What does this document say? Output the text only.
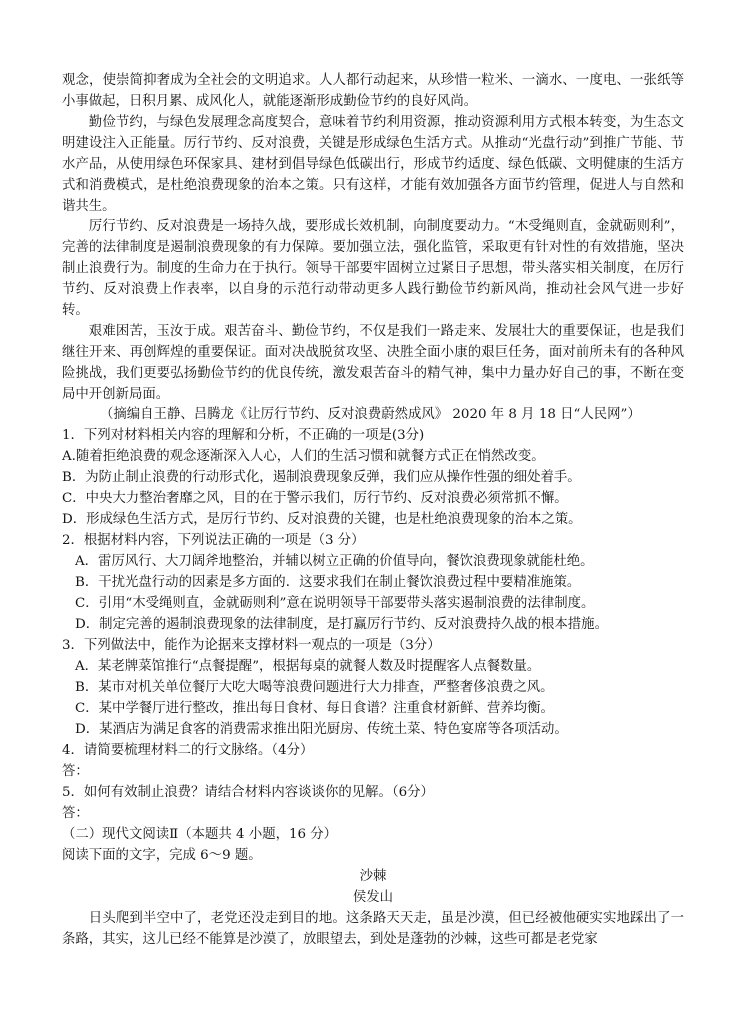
观念，使崇简抑奢成为全社会的文明追求。人人都行动起来，从珍惜一粒米、一滴水、一度电、一张纸等小事做起，日积月累、成风化人，就能逐渐形成勤俭节约的良好风尚。

勤俭节约，与绿色发展理念高度契合，意味着节约利用资源，推动资源利用方式根本转变，为生态文明建设注入正能量。厉行节约、反对浪费，关键是形成绿色生活方式。从推动“光盘行动”到推广节能、节水产品，从使用绿色环保家具、建材到倡导绿色低碳出行，形成节约适度、绿色低碳、文明健康的生活方式和消费模式，是杜绝浪费现象的治本之策。只有这样，才能有效加强各方面节约管理，促进人与自然和谐共生。

厉行节约、反对浪费是一场持久战，要形成长效机制，向制度要动力。“木受绳则直，金就砺则利”，完善的法律制度是遏制浪费现象的有力保障。要加强立法，强化监管，采取更有针对性的有效措施，坚决制止浪费行为。制度的生命力在于执行。领导干部要牢固树立过紧日子思想，带头落实相关制度，在厉行节约、反对浪费上作表率，以自身的示范行动带动更多人践行勤俭节约新风尚，推动社会风气进一步好转。

艰难困苦，玉汝于成。艰苦奋斗、勤俭节约，不仅是我们一路走来、发展壮大的重要保证，也是我们继往开来、再创辉煌的重要保证。面对决战脱贫攻坚、决胜全面小康的艰巨任务，面对前所未有的各种风险挑战，我们更要弘扬勤俭节约的优良传统，激发艰苦奋斗的精气神，集中力量办好自己的事，不断在变局中开创新局面。

（摘编自王静、吕腾龙《让厉行节约、反对浪费蔚然成风》 2020 年 8 月 18 日“人民网”）
1．下列对材料相关内容的理解和分析，不正确的一项是(3分)
A.随着拒绝浪费的观念逐渐深入人心，人们的生活习惯和就餐方式正在悄然改变。
B．为防止制止浪费的行动形式化，遏制浪费现象反弹，我们应从操作性强的细处着手。
C．中央大力整治奢靡之风，目的在于警示我们，厉行节约、反对浪费必须常抓不懈。
D．形成绿色生活方式，是厉行节约、反对浪费的关键，也是杜绝浪费现象的治本之策。
2．根据材料内容，下列说法正确的一项是（3 分）
A．雷厉风行、大刀阔斧地整治，并辅以树立正确的价值导向，餐饮浪费现象就能杜绝。
B．干扰光盘行动的因素是多方面的．这要求我们在制止餐饮浪费过程中要精准施策。
C．引用“木受绳则直，金就砺则利”意在说明领导干部要带头落实遏制浪费的法律制度。
D．制定完善的遏制浪费现象的法律制度，是打赢厉行节约、反对浪费持久战的根本措施。
3．下列做法中，能作为论据来支撑材料一观点的一项是（3分）
A．某老牌菜馆推行“点餐提醒”，根据每桌的就餐人数及时提醒客人点餐数量。
B．某市对机关单位餐厅大吃大喝等浪费问题进行大力排查，严整奢侈浪费之风。
C．某中学餐厅进行整改，推出每日食材、每日食谱？注重食材新鲜、营养均衡。
D．某酒店为满足食客的消费需求推出阳光厨房、传统土菜、特色宴席等各项活动。
4．请简要梳理材料二的行文脉络。（4分）
答：
5．如何有效制止浪费？请结合材料内容谈谈你的见解。（6分）
答：
（二）现代文阅读Ⅱ（本题共 4 小题，16 分）
阅读下面的文字，完成 6～9 题。
沙棘
侯发山

日头爬到半空中了，老党还没走到目的地。这条路天天走，虽是沙漠，但已经被他硬实实地踩出了一条路，其实，这儿已经不能算是沙漠了，放眼望去，到处是蓬勃的沙棘，这些可都是老党家
